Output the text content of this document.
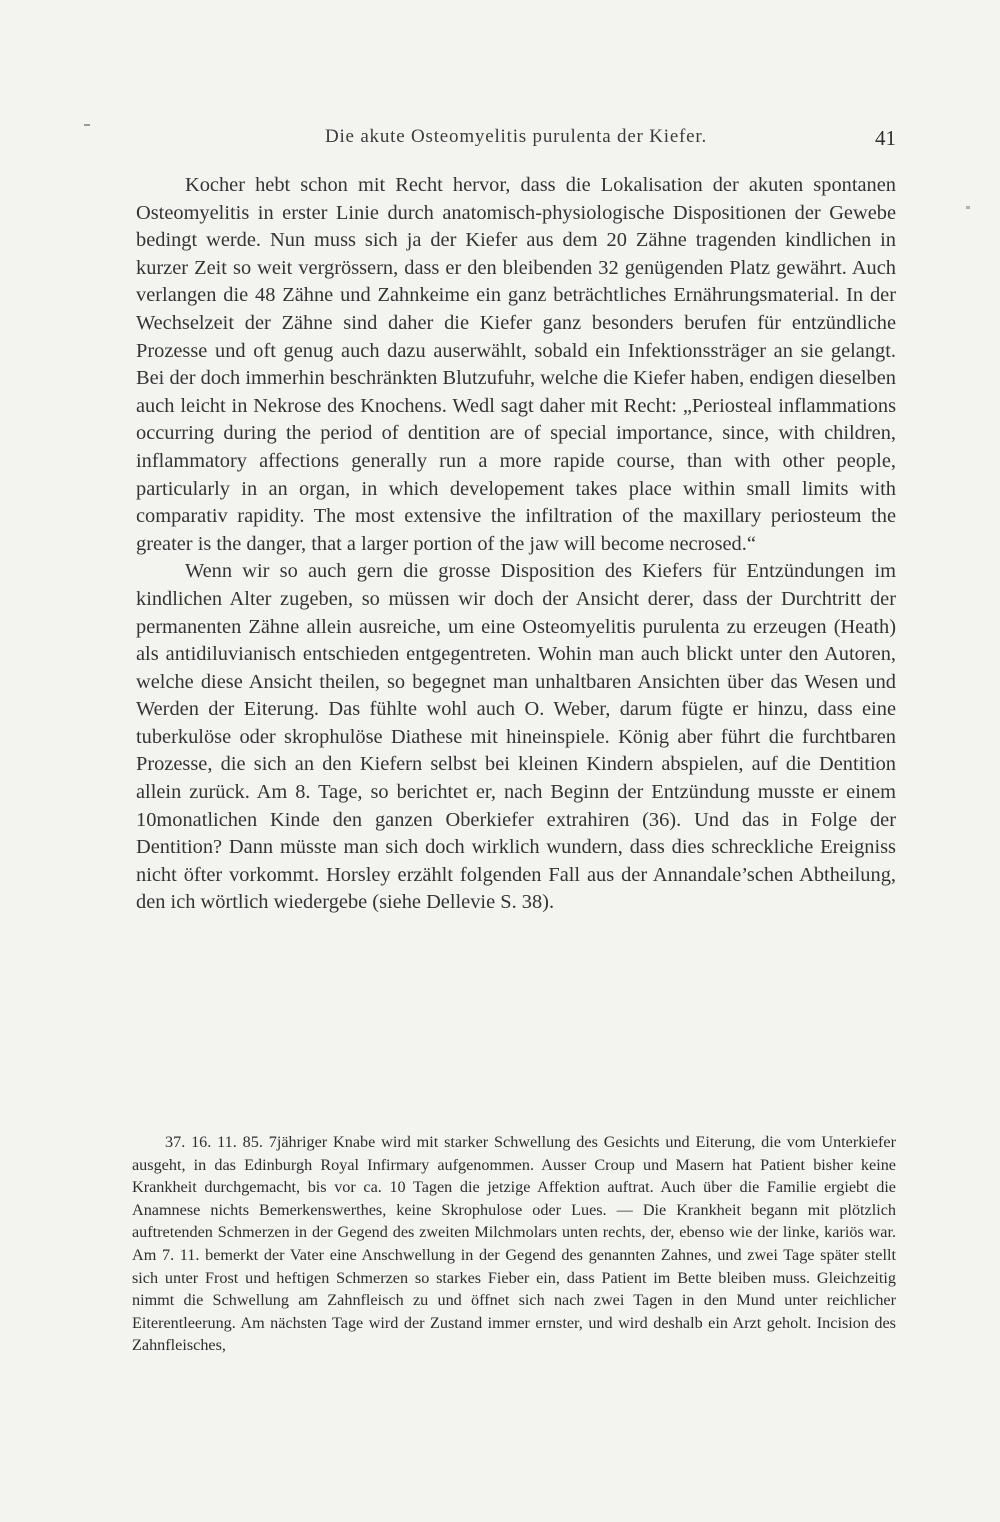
Die akute Osteomyelitis purulenta der Kiefer.	41

Kocher hebt schon mit Recht hervor, dass die Lokalisation der akuten spontanen Osteomyelitis in erster Linie durch anatomisch-physiologische Dispositionen der Gewebe bedingt werde. Nun muss sich ja der Kiefer aus dem 20 Zähne tragenden kindlichen in kurzer Zeit so weit vergrössern, dass er den bleibenden 32 genügenden Platz gewährt. Auch verlangen die 48 Zähne und Zahnkeime ein ganz beträchtliches Ernährungsmaterial. In der Wechselzeit der Zähne sind daher die Kiefer ganz besonders berufen für entzündliche Prozesse und oft genug auch dazu auserwählt, sobald ein Infektionssträger an sie gelangt. Bei der doch immerhin beschränkten Blutzufuhr, welche die Kiefer haben, endigen dieselben auch leicht in Nekrose des Knochens. Wedl sagt daher mit Recht: „Periosteal inflammations occurring during the period of dentition are of special importance, since, with children, inflammatory affections generally run a more rapide course, than with other people, particularly in an organ, in which developement takes place within small limits with comparativ rapidity. The most extensive the infiltration of the maxillary periosteum the greater is the danger, that a larger portion of the jaw will become necrosed.“

Wenn wir so auch gern die grosse Disposition des Kiefers für Entzündungen im kindlichen Alter zugeben, so müssen wir doch der Ansicht derer, dass der Durchtritt der permanenten Zähne allein ausreiche, um eine Osteomyelitis purulenta zu erzeugen (Heath) als antidiluvianisch entschieden entgegentreten. Wohin man auch blickt unter den Autoren, welche diese Ansicht theilen, so begegnet man unhaltbaren Ansichten über das Wesen und Werden der Eiterung. Das fühlte wohl auch O. Weber, darum fügte er hinzu, dass eine tuberkulöse oder skrophulöse Diathese mit hineinspiele. König aber führt die furchtbaren Prozesse, die sich an den Kiefern selbst bei kleinen Kindern abspielen, auf die Dentition allein zurück. Am 8. Tage, so berichtet er, nach Beginn der Entzündung musste er einem 10monatlichen Kinde den ganzen Oberkiefer extrahiren (36). Und das in Folge der Dentition? Dann müsste man sich doch wirklich wundern, dass dies schreckliche Ereigniss nicht öfter vorkommt. Horsley erzählt folgenden Fall aus der Annandale’schen Abtheilung, den ich wörtlich wiedergebe (siehe Dellevie S. 38).

37. 16. 11. 85. 7jähriger Knabe wird mit starker Schwellung des Gesichts und Eiterung, die vom Unterkiefer ausgeht, in das Edinburgh Royal Infirmary aufgenommen. Ausser Croup und Masern hat Patient bisher keine Krankheit durchgemacht, bis vor ca. 10 Tagen die jetzige Affektion auftrat. Auch über die Familie ergiebt die Anamnese nichts Bemerkenswerthes, keine Skrophulose oder Lues. — Die Krankheit begann mit plötzlich auftretenden Schmerzen in der Gegend des zweiten Milchmolars unten rechts, der, ebenso wie der linke, kariös war. Am 7. 11. bemerkt der Vater eine Anschwellung in der Gegend des genannten Zahnes, und zwei Tage später stellt sich unter Frost und heftigen Schmerzen so starkes Fieber ein, dass Patient im Bette bleiben muss. Gleichzeitig nimmt die Schwellung am Zahnfleisch zu und öffnet sich nach zwei Tagen in den Mund unter reichlicher Eiterentleerung. Am nächsten Tage wird der Zustand immer ernster, und wird deshalb ein Arzt geholt. Incision des Zahnfleisches,
